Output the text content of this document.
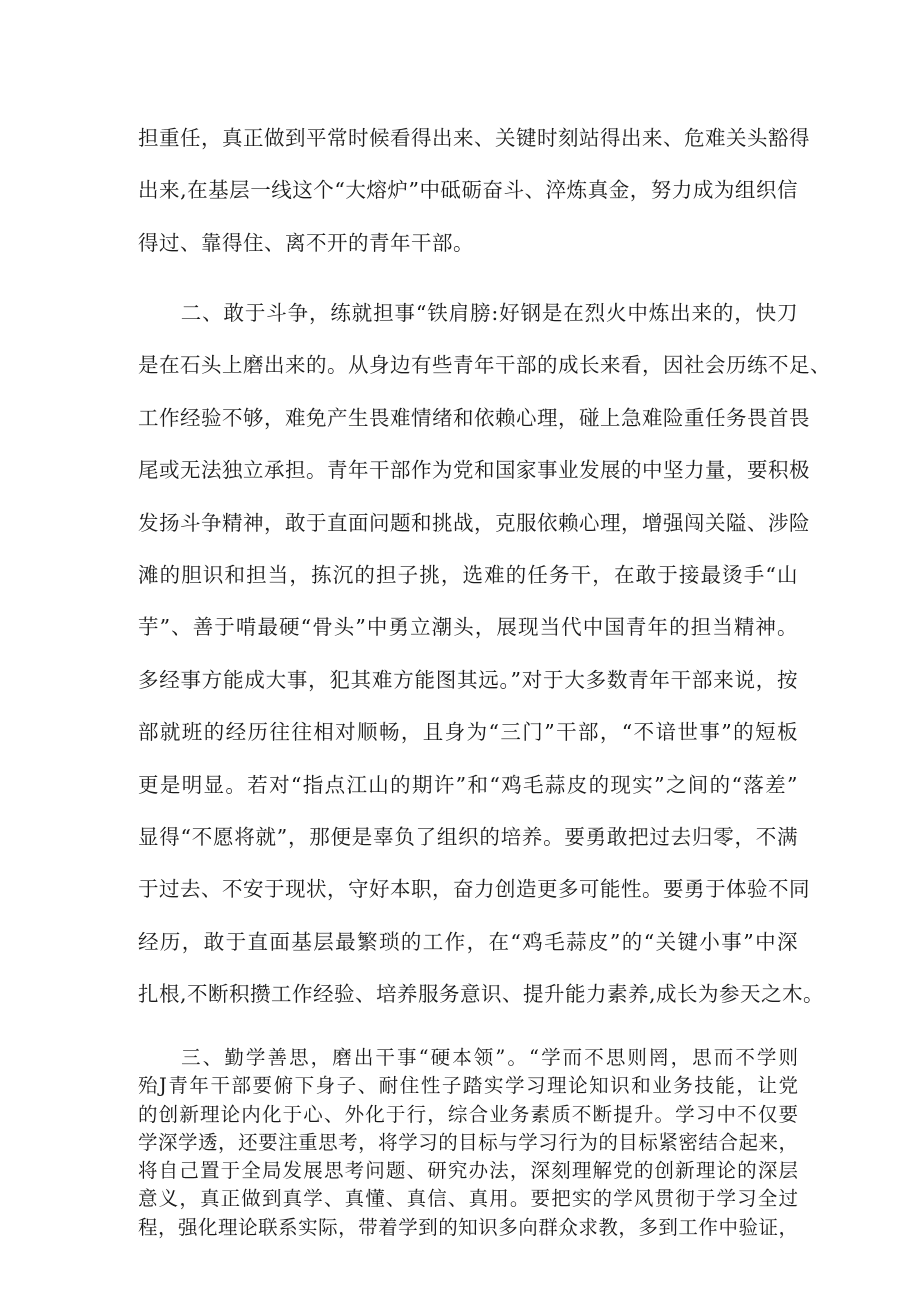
担重任，真正做到平常时候看得出来、关键时刻站得出来、危难关头豁得
出来,在基层一线这个“大熔炉”中砥砺奋斗、淬炼真金，努力成为组织信
得过、靠得住、离不开的青年干部。
　　二、敢于斗争，练就担事“铁肩膀:好钢是在烈火中炼出来的，快刀
是在石头上磨出来的。从身边有些青年干部的成长来看，因社会历练不足、
工作经验不够，难免产生畏难情绪和依赖心理，碰上急难险重任务畏首畏
尾或无法独立承担。青年干部作为党和国家事业发展的中坚力量，要积极
发扬斗争精神，敢于直面问题和挑战，克服依赖心理，增强闯关隘、涉险
滩的胆识和担当，拣沉的担子挑，选难的任务干，在敢于接最烫手“山
芋”、善于啃最硬“骨头”中勇立潮头，展现当代中国青年的担当精神。
多经事方能成大事，犯其难方能图其远。”对于大多数青年干部来说，按
部就班的经历往往相对顺畅，且身为“三门”干部，“不谙世事”的短板
更是明显。若对“指点江山的期许”和“鸡毛蒜皮的现实”之间的“落差”
显得“不愿将就”，那便是辜负了组织的培养。要勇敢把过去归零，不满
于过去、不安于现状，守好本职，奋力创造更多可能性。要勇于体验不同
经历，敢于直面基层最繁琐的工作，在“鸡毛蒜皮”的“关键小事”中深
扎根,不断积攒工作经验、培养服务意识、提升能力素养,成长为参天之木。
　　三、勤学善思，磨出干事“硬本领”。“学而不思则罔，思而不学则
殆J青年干部要俯下身子、耐住性子踏实学习理论知识和业务技能，让党
的创新理论内化于心、外化于行，综合业务素质不断提升。学习中不仅要
学深学透，还要注重思考，将学习的目标与学习行为的目标紧密结合起来，
将自己置于全局发展思考问题、研究办法，深刻理解党的创新理论的深层
意义，真正做到真学、真懂、真信、真用。要把实的学风贯彻于学习全过
程，强化理论联系实际，带着学到的知识多向群众求教，多到工作中验证，
